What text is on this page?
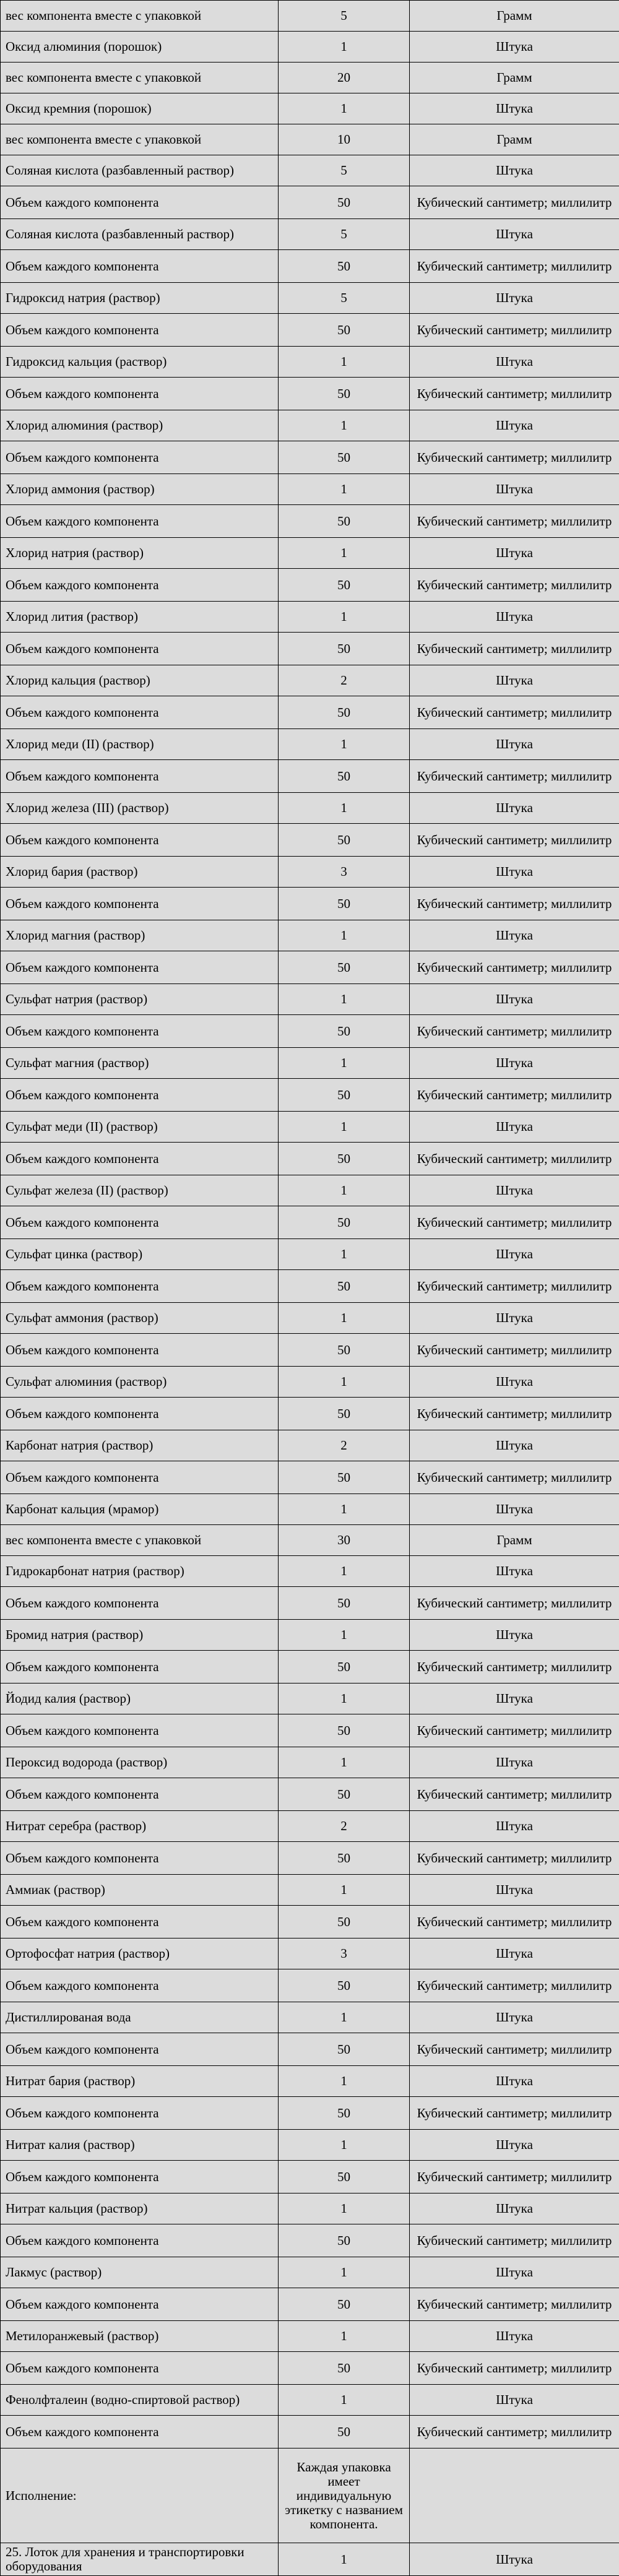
вес компонента вместе с упаковкой	5	Грамм
Оксид алюминия (порошок)	1	Штука
вес компонента вместе с упаковкой	20	Грамм
Оксид кремния (порошок)	1	Штука
вес компонента вместе с упаковкой	10	Грамм
Соляная кислота (разбавленный раствор)	5	Штука
Объем каждого компонента	50	Кубический сантиметр; миллилитр
Соляная кислота (разбавленный раствор)	5	Штука
Объем каждого компонента	50	Кубический сантиметр; миллилитр
Гидроксид натрия (раствор)	5	Штука
Объем каждого компонента	50	Кубический сантиметр; миллилитр
Гидроксид кальция (раствор)	1	Штука
Объем каждого компонента	50	Кубический сантиметр; миллилитр
Хлорид алюминия (раствор)	1	Штука
Объем каждого компонента	50	Кубический сантиметр; миллилитр
Хлорид аммония (раствор)	1	Штука
Объем каждого компонента	50	Кубический сантиметр; миллилитр
Хлорид натрия (раствор)	1	Штука
Объем каждого компонента	50	Кубический сантиметр; миллилитр
Хлорид лития (раствор)	1	Штука
Объем каждого компонента	50	Кубический сантиметр; миллилитр
Хлорид кальция (раствор)	2	Штука
Объем каждого компонента	50	Кубический сантиметр; миллилитр
Хлорид меди (II) (раствор)	1	Штука
Объем каждого компонента	50	Кубический сантиметр; миллилитр
Хлорид железа (III) (раствор)	1	Штука
Объем каждого компонента	50	Кубический сантиметр; миллилитр
Хлорид бария (раствор)	3	Штука
Объем каждого компонента	50	Кубический сантиметр; миллилитр
Хлорид магния (раствор)	1	Штука
Объем каждого компонента	50	Кубический сантиметр; миллилитр
Сульфат натрия (раствор)	1	Штука
Объем каждого компонента	50	Кубический сантиметр; миллилитр
Сульфат магния (раствор)	1	Штука
Объем каждого компонента	50	Кубический сантиметр; миллилитр
Сульфат меди (II) (раствор)	1	Штука
Объем каждого компонента	50	Кубический сантиметр; миллилитр
Сульфат железа (II) (раствор)	1	Штука
Объем каждого компонента	50	Кубический сантиметр; миллилитр
Сульфат цинка (раствор)	1	Штука
Объем каждого компонента	50	Кубический сантиметр; миллилитр
Сульфат аммония (раствор)	1	Штука
Объем каждого компонента	50	Кубический сантиметр; миллилитр
Сульфат алюминия (раствор)	1	Штука
Объем каждого компонента	50	Кубический сантиметр; миллилитр
Карбонат натрия (раствор)	2	Штука
Объем каждого компонента	50	Кубический сантиметр; миллилитр
Карбонат кальция (мрамор)	1	Штука
вес компонента вместе с упаковкой	30	Грамм
Гидрокарбонат натрия (раствор)	1	Штука
Объем каждого компонента	50	Кубический сантиметр; миллилитр
Бромид натрия (раствор)	1	Штука
Объем каждого компонента	50	Кубический сантиметр; миллилитр
Йодид калия (раствор)	1	Штука
Объем каждого компонента	50	Кубический сантиметр; миллилитр
Пероксид водорода (раствор)	1	Штука
Объем каждого компонента	50	Кубический сантиметр; миллилитр
Нитрат серебра (раствор)	2	Штука
Объем каждого компонента	50	Кубический сантиметр; миллилитр
Аммиак (раствор)	1	Штука
Объем каждого компонента	50	Кубический сантиметр; миллилитр
Ортофосфат натрия (раствор)	3	Штука
Объем каждого компонента	50	Кубический сантиметр; миллилитр
Дистиллированая вода	1	Штука
Объем каждого компонента	50	Кубический сантиметр; миллилитр
Нитрат бария (раствор)	1	Штука
Объем каждого компонента	50	Кубический сантиметр; миллилитр
Нитрат калия (раствор)	1	Штука
Объем каждого компонента	50	Кубический сантиметр; миллилитр
Нитрат кальция (раствор)	1	Штука
Объем каждого компонента	50	Кубический сантиметр; миллилитр
Лакмус (раствор)	1	Штука
Объем каждого компонента	50	Кубический сантиметр; миллилитр
Метилоранжевый (раствор)	1	Штука
Объем каждого компонента	50	Кубический сантиметр; миллилитр
Фенолфталеин (водно-спиртовой раствор)	1	Штука
Объем каждого компонента	50	Кубический сантиметр; миллилитр
Исполнение:	Каждая упаковка имеет индивидуальную этикетку с названием компонента.	
25. Лоток для хранения и транспортировки оборудования	1	Штука
